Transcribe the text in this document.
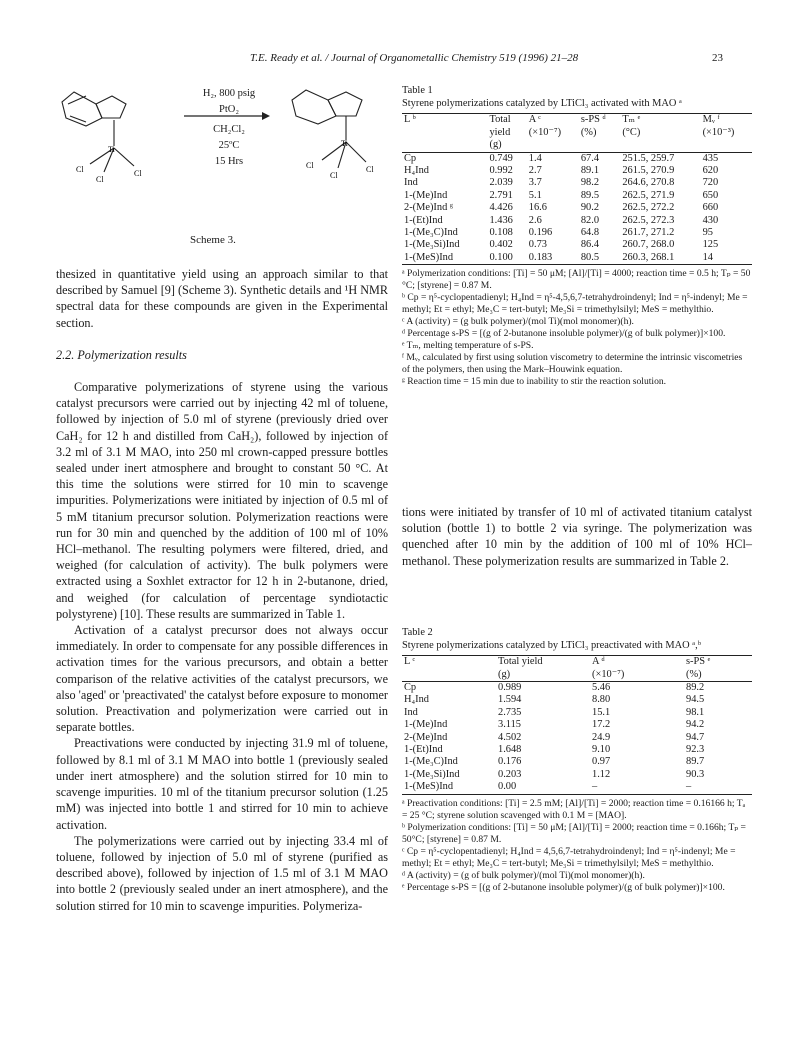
T.E. Ready et al. / Journal of Organometallic Chemistry 519 (1996) 21–28	23
Ti
Cl
Cl
Cl
Ti
Cl
Cl
Cl
H₂, 800 psig
PtO₂
CH₂Cl₂
25ºC
15 Hrs
Scheme 3.

thesized in quantitative yield using an approach similar to that described by Samuel [9] (Scheme 3). Synthetic details and ¹H NMR spectral data for these compounds are given in the Experimental section.

2.2. Polymerization results

Comparative polymerizations of styrene using the various catalyst precursors were carried out by injecting 42 ml of toluene, followed by injection of 5.0 ml of styrene (previously dried over CaH₂ for 12 h and distilled from CaH₂), followed by injection of 3.2 ml of 3.1 M MAO, into 250 ml crown-capped pressure bottles sealed under inert atmosphere and brought to constant 50 °C. At this time the solutions were stirred for 10 min to scavenge impurities. Polymerizations were initiated by injection of 0.5 ml of 5 mM titanium precursor solution. Polymerization reactions were run for 30 min and quenched by the addition of 100 ml of 10% HCl–methanol. The resulting polymers were filtered, dried, and weighed (for calculation of activity). The bulk polymers were extracted using a Soxhlet extractor for 12 h in 2-butanone, dried, and weighed (for calculation of percentage syndiotactic polystyrene) [10]. These results are summarized in Table 1.

Activation of a catalyst precursor does not always occur immediately. In order to compensate for any possible differences in activation times for the various precursors, and obtain a better comparison of the relative activities of the catalyst precursors, we also 'aged' or 'preactivated' the catalyst before exposure to monomer solution. Preactivation and polymerization were carried out in separate bottles.

Preactivations were conducted by injecting 31.9 ml of toluene, followed by 8.1 ml of 3.1 M MAO into bottle 1 (previously sealed under inert atmosphere) and the solution stirred for 10 min to scavenge impurities. 10 ml of the titanium precursor solution (1.25 mM) was injected into bottle 1 and stirred for 10 min to achieve activation.

The polymerizations were carried out by injecting 33.4 ml of toluene, followed by injection of 5.0 ml of styrene (purified as described above), followed by injection of 1.5 ml of 3.1 M MAO into bottle 2 (previously sealed under an inert atmosphere), and the solution stirred for 10 min to scavenge impurities. Polymeriza-

Table 1
Styrene polymerizations catalyzed by LTiCl₃ activated with MAO ᵃ
L ᵇ	Total	A ᶜ	s-PS ᵈ	Tₘ ᵉ	Mᵥ ᶠ
	yield	(×10⁻⁷)	(%)	(°C)	(×10⁻³)
	(g)				
Cp	0.749	1.4	67.4	251.5, 259.7	435
H₄Ind	0.992	2.7	89.1	261.5, 270.9	620
Ind	2.039	3.7	98.2	264.6, 270.8	720
1-(Me)Ind	2.791	5.1	89.5	262.5, 271.9	650
2-(Me)Ind ᵍ	4.426	16.6	90.2	262.5, 272.2	660
1-(Et)Ind	1.436	2.6	82.0	262.5, 272.3	430
1-(Me₃C)Ind	0.108	0.196	64.8	261.7, 271.2	95
1-(Me₃Si)Ind	0.402	0.73	86.4	260.7, 268.0	125
1-(MeS)Ind	0.100	0.183	80.5	260.3, 268.1	14

ᵃ Polymerization conditions: [Ti] = 50 μM; [Al]/[Ti] = 4000; reaction time = 0.5 h; Tₚ = 50 °C; [styrene] = 0.87 M.

ᵇ Cp = η⁵-cyclopentadienyl; H₄Ind = η⁵-4,5,6,7-tetrahydroindenyl; Ind = η⁵-indenyl; Me = methyl; Et = ethyl; Me₃C = tert-butyl; Me₃Si = trimethylsilyl; MeS = methylthio.

ᶜ A (activity) = (g bulk polymer)/(mol Ti)(mol monomer)(h).

ᵈ Percentage s-PS = [(g of 2-butanone insoluble polymer)/(g of bulk polymer)]×100.

ᵉ Tₘ, melting temperature of s-PS.

ᶠ Mᵥ, calculated by first using solution viscometry to determine the intrinsic viscometries of the polymers, then using the Mark–Houwink equation.

ᵍ Reaction time = 15 min due to inability to stir the reaction solution.

tions were initiated by transfer of 10 ml of activated titanium catalyst solution (bottle 1) to bottle 2 via syringe. The polymerization was quenched after 10 min by the addition of 100 ml of 10% HCl–methanol. These polymerization results are summarized in Table 2.

Table 2
Styrene polymerizations catalyzed by LTiCl₃ preactivated with MAO ᵃ,ᵇ
L ᶜ	Total yield	A ᵈ	s-PS ᵉ
	(g)	(×10⁻⁷)	(%)
Cp	0.989	5.46	89.2
H₄Ind	1.594	8.80	94.5
Ind	2.735	15.1	98.1
1-(Me)Ind	3.115	17.2	94.2
2-(Me)Ind	4.502	24.9	94.7
1-(Et)Ind	1.648	9.10	92.3
1-(Me₃C)Ind	0.176	0.97	89.7
1-(Me₃Si)Ind	0.203	1.12	90.3
1-(MeS)Ind	0.00	–	–

ᵃ Preactivation conditions: [Ti] = 2.5 mM; [Al]/[Ti] = 2000; reaction time = 0.16166 h; Tₐ = 25 °C; styrene solution scavenged with 0.1 M = [MAO].

ᵇ Polymerization conditions: [Ti] = 50 μM; [Al]/[Ti] = 2000; reaction time = 0.166h; Tₚ = 50°C; [styrene] = 0.87 M.

ᶜ Cp = η⁵-cyclopentadienyl; H₄Ind = 4,5,6,7-tetrahydroindenyl; Ind = η⁵-indenyl; Me = methyl; Et = ethyl; Me₃C = tert-butyl; Me₃Si = trimethylsilyl; MeS = methylthio.

ᵈ A (activity) = (g of bulk polymer)/(mol Ti)(mol monomer)(h).

ᵉ Percentage s-PS = [(g of 2-butanone insoluble polymer)/(g of bulk polymer)]×100.
